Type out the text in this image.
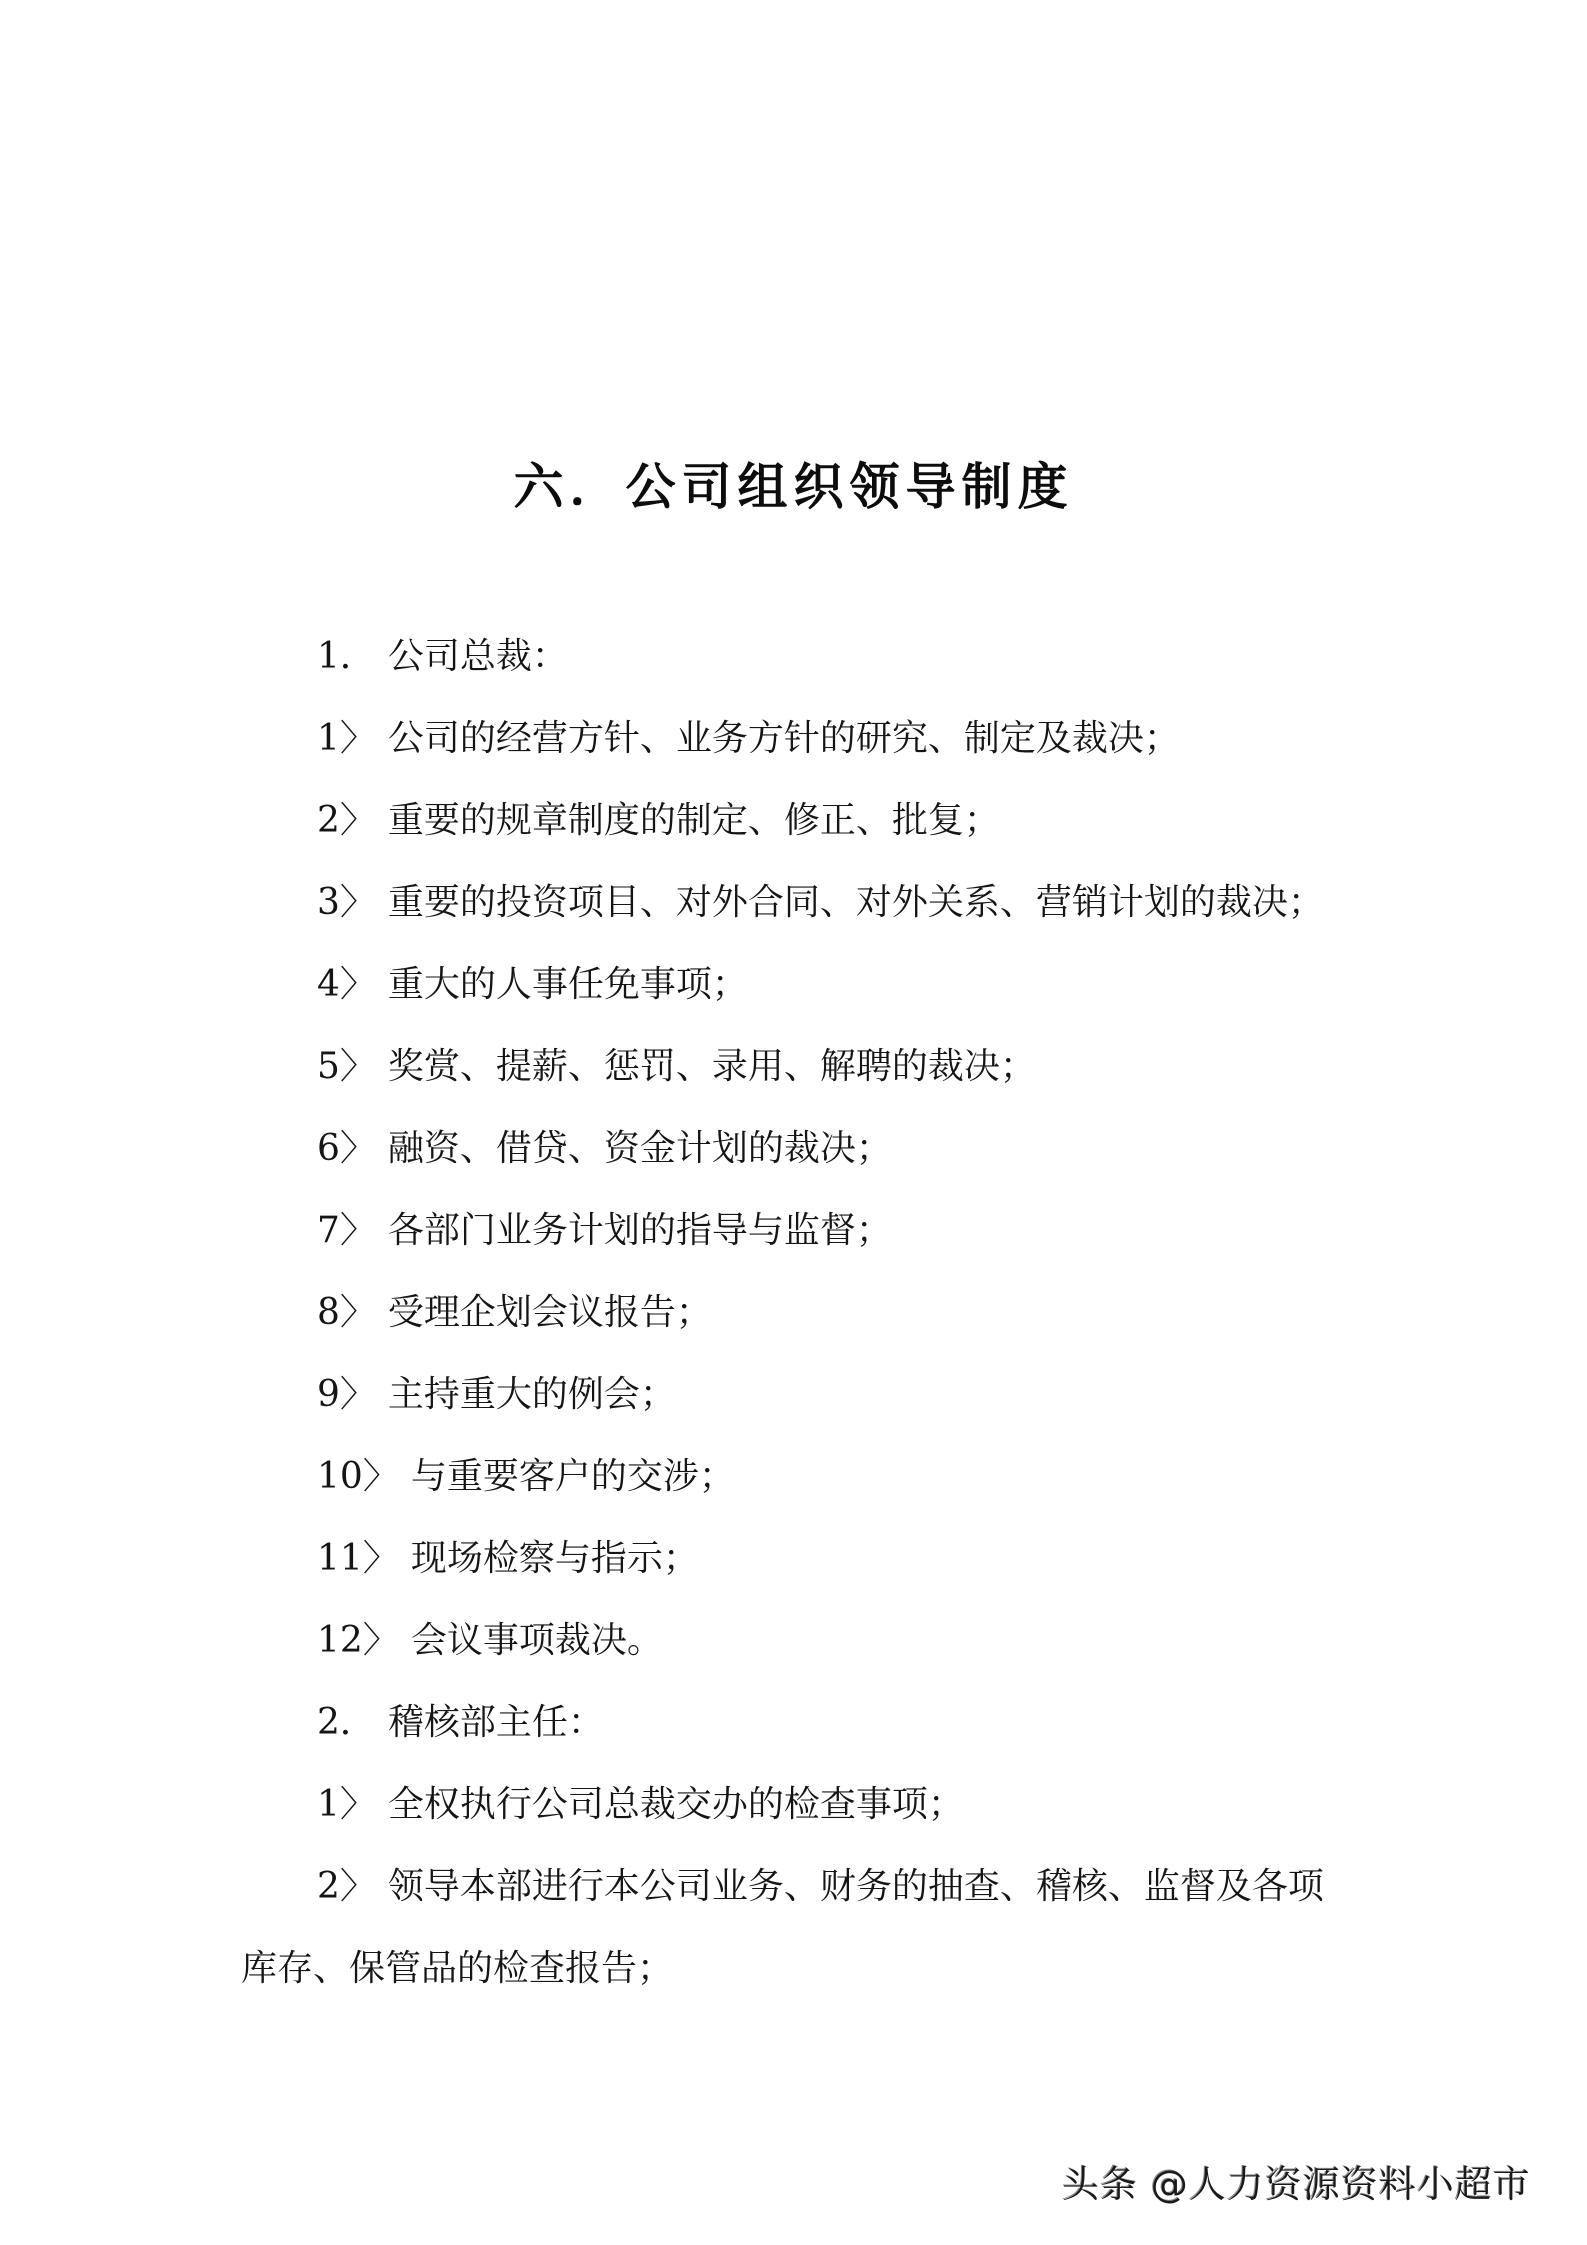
六．公司组织领导制度
1． 公司总裁：
1〉 公司的经营方针、业务方针的研究、制定及裁决；
2〉 重要的规章制度的制定、修正、批复；
3〉 重要的投资项目、对外合同、对外关系、营销计划的裁决；
4〉 重大的人事任免事项；
5〉 奖赏、提薪、惩罚、录用、解聘的裁决；
6〉 融资、借贷、资金计划的裁决；
7〉 各部门业务计划的指导与监督；
8〉 受理企划会议报告；
9〉 主持重大的例会；
10〉 与重要客户的交涉；
11〉 现场检察与指示；
12〉 会议事项裁决。
2． 稽核部主任：
1〉 全权执行公司总裁交办的检查事项；
2〉 领导本部进行本公司业务、财务的抽查、稽核、监督及各项
库存、保管品的检查报告；
头条 @人力资源资料小超市
